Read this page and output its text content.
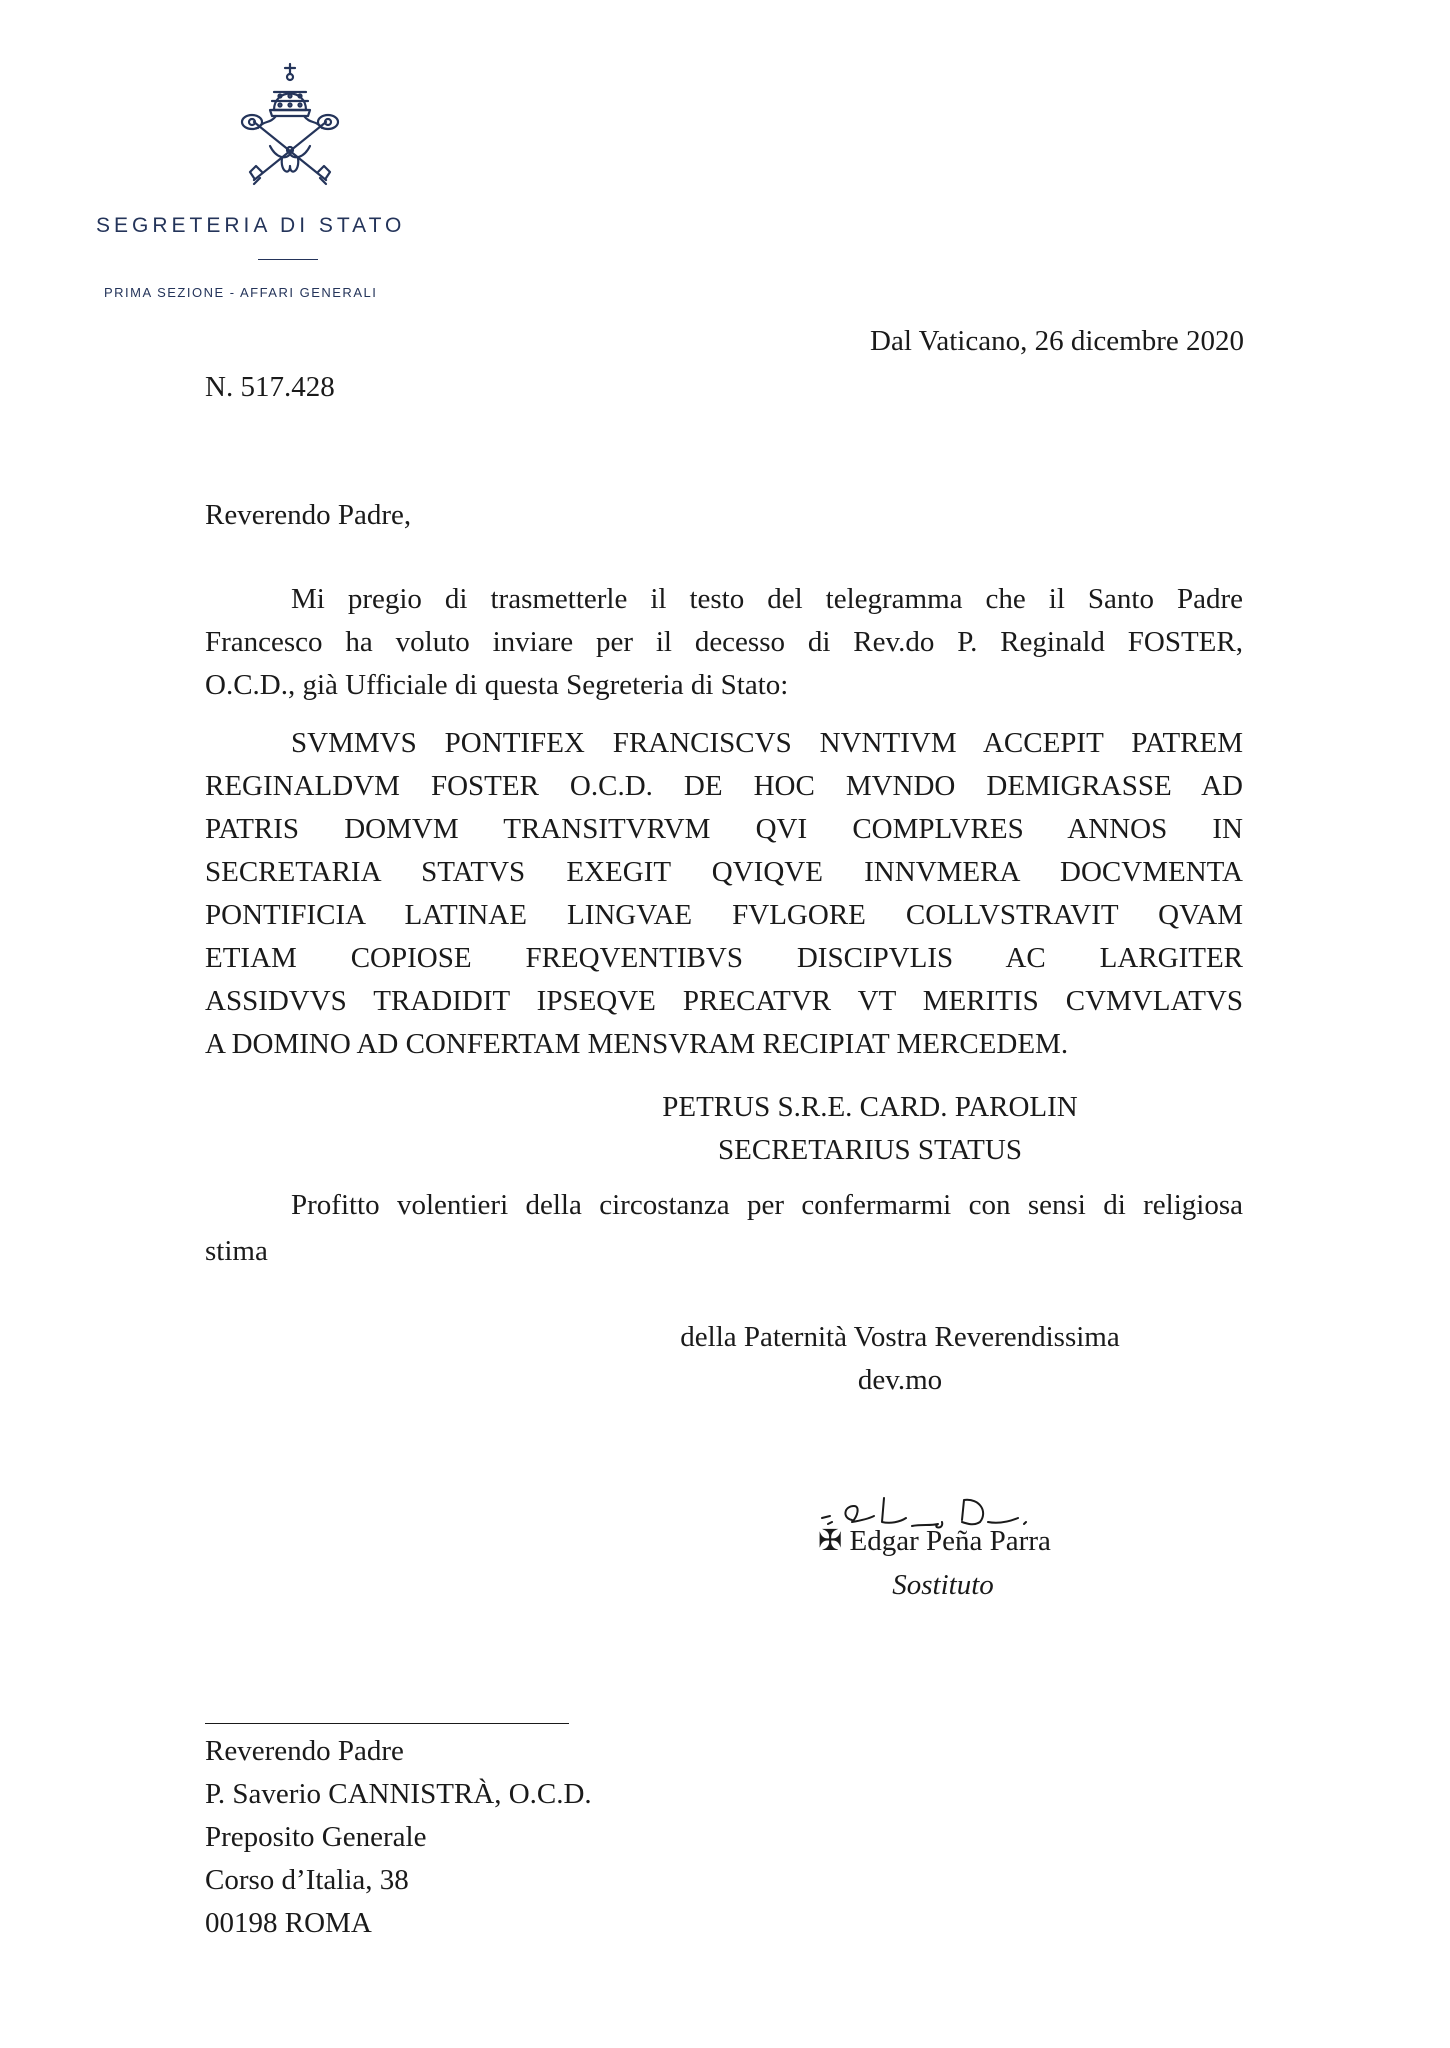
SEGRETERIA DI STATO
PRIMA SEZIONE - AFFARI GENERALI
Dal Vaticano, 26 dicembre 2020
N. 517.428
Reverendo Padre,
Mi pregio di trasmetterle il testo del telegramma che il Santo Padre
Francesco ha voluto inviare per il decesso di Rev.do P. Reginald FOSTER,
O.C.D., già Ufficiale di questa Segreteria di Stato:
SVMMVS PONTIFEX FRANCISCVS NVNTIVM ACCEPIT PATREM
REGINALDVM FOSTER O.C.D. DE HOC MVNDO DEMIGRASSE AD
PATRIS DOMVM TRANSITVRVM QVI COMPLVRES ANNOS IN
SECRETARIA STATVS EXEGIT QVIQVE INNVMERA DOCVMENTA
PONTIFICIA LATINAE LINGVAE FVLGORE COLLVSTRAVIT QVAM
ETIAM COPIOSE FREQVENTIBVS DISCIPVLIS AC LARGITER
ASSIDVVS TRADIDIT IPSEQVE PRECATVR VT MERITIS CVMVLATVS
A DOMINO AD CONFERTAM MENSVRAM RECIPIAT MERCEDEM.
PETRUS S.R.E. CARD. PAROLIN
SECRETARIUS STATUS
Profitto volentieri della circostanza per confermarmi con sensi di religiosa
stima
della Paternità Vostra Reverendissima
dev.mo
✠ Edgar Peña Parra
Sostituto
Reverendo Padre
P. Saverio CANNISTRÀ, O.C.D.
Preposito Generale
Corso d’Italia, 38
00198 ROMA
